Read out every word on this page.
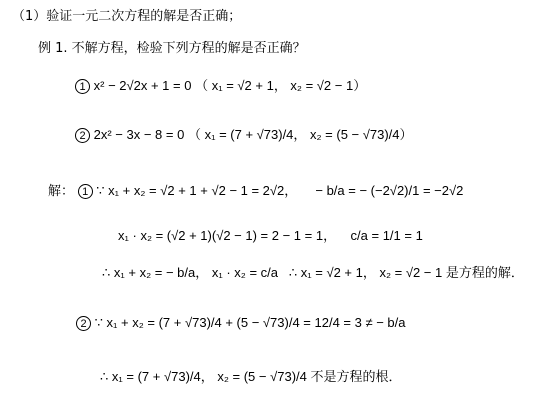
（1）验证一元二次方程的解是否正确；
例 1. 不解方程，检验下列方程的解是否正确？
1 x² − 2√2x + 1 = 0 （ x₁ = √2 + 1， x₂ = √2 − 1）
2 2x² − 3x − 8 = 0 （ x₁ = (7 + √73)/4， x₂ = (5 − √73)/4）
解： 1 ∵ x₁ + x₂ = √2 + 1 + √2 − 1 = 2√2， − b/a = − (−2√2)/1 = −2√2
x₁ · x₂ = (√2 + 1)(√2 − 1) = 2 − 1 = 1， c/a = 1/1 = 1
∴ x₁ + x₂ = − b/a， x₁ · x₂ = c/a ∴ x₁ = √2 + 1， x₂ = √2 − 1 是方程的解．
2 ∵ x₁ + x₂ = (7 + √73)/4 + (5 − √73)/4 = 12/4 = 3 ≠ − b/a
∴ x₁ = (7 + √73)/4， x₂ = (5 − √73)/4 不是方程的根．
